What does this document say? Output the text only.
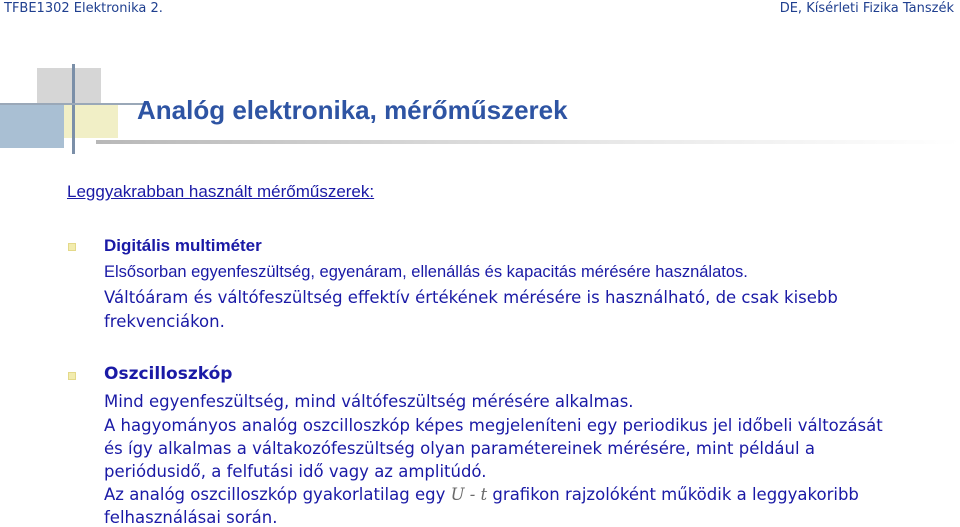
TFBE1302 Elektronika 2.	DE, Kísérleti Fizika Tanszék
Analóg elektronika, mérőműszerek
Leggyakrabban használt mérőműszerek:
Digitális multiméter
Elsősorban egyenfeszültség, egyenáram, ellenállás és kapacitás mérésére használatos.
Váltóáram és váltófeszültség effektív értékének mérésére is használható, de csak kisebb
frekvenciákon.
Oszcilloszkóp
Mind egyenfeszültség, mind váltófeszültség mérésére alkalmas.
A hagyományos analóg oszcilloszkóp képes megjeleníteni egy periodikus jel időbeli változását
és így alkalmas a váltakozófeszültség olyan paramétereinek mérésére, mint például a
periódusidő, a felfutási idő vagy az amplitúdó.
Az analóg oszcilloszkóp gyakorlatilag egy U - t grafikon rajzolóként működik a leggyakoribb
felhasználásai során.
